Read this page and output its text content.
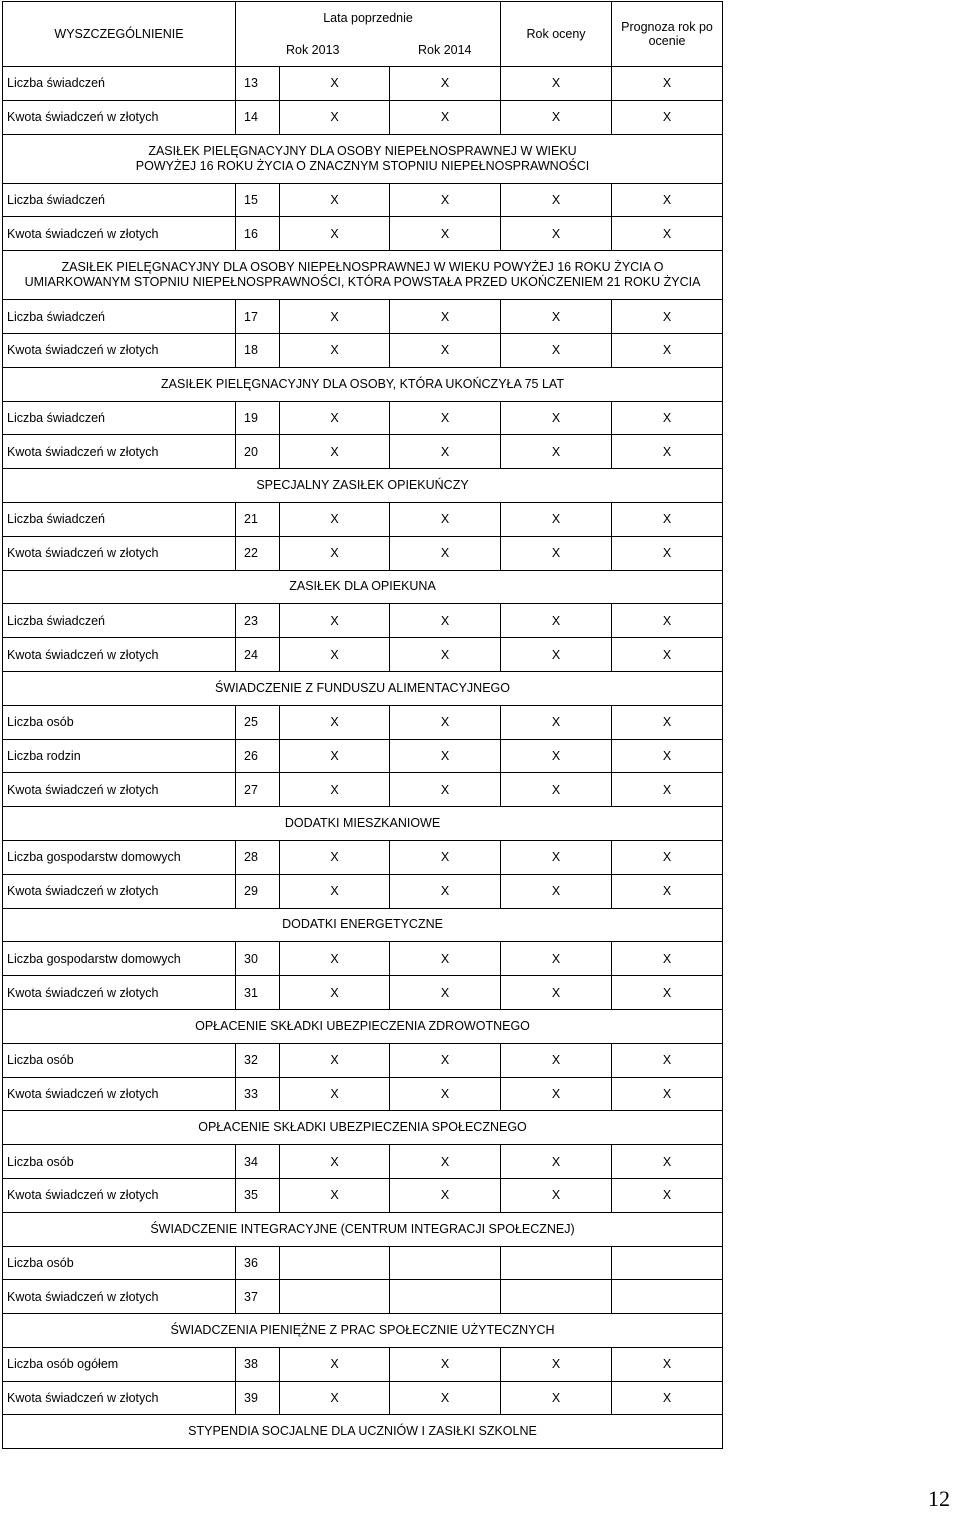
WYSZCZEGÓLNIENIE	Lata poprzednie			Rok oceny	Prognoza rok po ocenie
	Rok 2013		Rok 2014		
Liczba świadczeń	13	X	X	X	X
Kwota świadczeń w złotych	14	X	X	X	X

ZASIŁEK PIELĘGNACYJNY DLA OSOBY NIEPEŁNOSPRAWNEJ W WIEKU
POWYŻEJ 16 ROKU ŻYCIA O ZNACZNYM STOPNIU NIEPEŁNOSPRAWNOŚCI					

Liczba świadczeń	15	X	X	X	X
Kwota świadczeń w złotych	16	X	X	X	X

ZASIŁEK PIELĘGNACYJNY DLA OSOBY NIEPEŁNOSPRAWNEJ W WIEKU POWYŻEJ 16 ROKU ŻYCIA O
UMIARKOWANYM STOPNIU NIEPEŁNOSPRAWNOŚCI, KTÓRA POWSTAŁA PRZED UKOŃCZENIEM 21 ROKU ŻYCIA					

Liczba świadczeń	17	X	X	X	X
Kwota świadczeń w złotych	18	X	X	X	X

ZASIŁEK PIELĘGNACYJNY DLA OSOBY, KTÓRA UKOŃCZYŁA 75 LAT					

Liczba świadczeń	19	X	X	X	X
Kwota świadczeń w złotych	20	X	X	X	X

SPECJALNY ZASIŁEK OPIEKUŃCZY					

Liczba świadczeń	21	X	X	X	X
Kwota świadczeń w złotych	22	X	X	X	X

ZASIŁEK DLA OPIEKUNA					

Liczba świadczeń	23	X	X	X	X
Kwota świadczeń w złotych	24	X	X	X	X

ŚWIADCZENIE Z FUNDUSZU ALIMENTACYJNEGO					

Liczba osób	25	X	X	X	X
Liczba rodzin	26	X	X	X	X
Kwota świadczeń w złotych	27	X	X	X	X

DODATKI MIESZKANIOWE					

Liczba gospodarstw domowych	28	X	X	X	X
Kwota świadczeń w złotych	29	X	X	X	X

DODATKI ENERGETYCZNE					

Liczba gospodarstw domowych	30	X	X	X	X
Kwota świadczeń w złotych	31	X	X	X	X

OPŁACENIE SKŁADKI UBEZPIECZENIA ZDROWOTNEGO					

Liczba osób	32	X	X	X	X
Kwota świadczeń w złotych	33	X	X	X	X

OPŁACENIE SKŁADKI UBEZPIECZENIA SPOŁECZNEGO					

Liczba osób	34	X	X	X	X
Kwota świadczeń w złotych	35	X	X	X	X

ŚWIADCZENIE INTEGRACYJNE (CENTRUM INTEGRACJI SPOŁECZNEJ)					

Liczba osób	36				
Kwota świadczeń w złotych	37				

ŚWIADCZENIA PIENIĘŻNE Z PRAC SPOŁECZNIE UŻYTECZNYCH					

Liczba osób ogółem	38	X	X	X	X
Kwota świadczeń w złotych	39	X	X	X	X

STYPENDIA SOCJALNE DLA UCZNIÓW I ZASIŁKI SZKOLNE					
12
